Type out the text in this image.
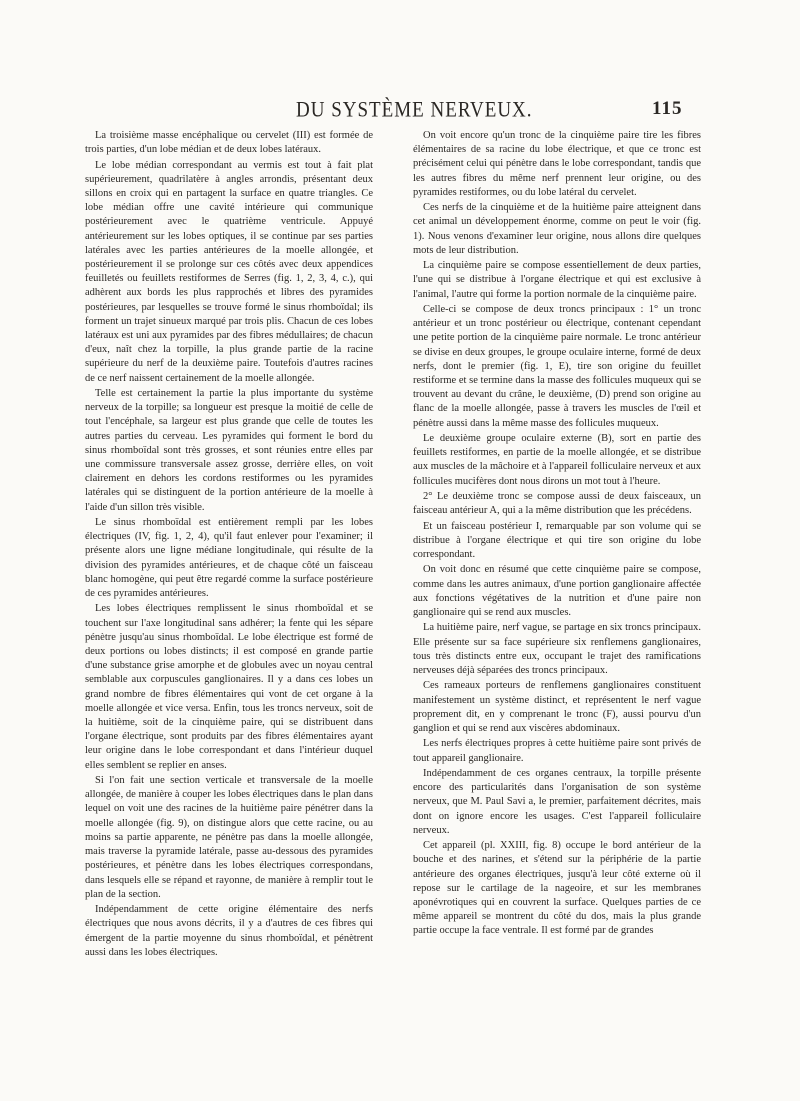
DU SYSTÈME NERVEUX.	115

La troisième masse encéphalique ou cervelet (III) est formée de trois parties, d'un lobe médian et de deux lobes latéraux.

Le lobe médian correspondant au vermis est tout à fait plat supérieurement, quadrilatère à angles arrondis, présentant deux sillons en croix qui en partagent la surface en quatre triangles. Ce lobe médian offre une cavité intérieure qui communique postérieurement avec le quatrième ventricule. Appuyé antérieurement sur les lobes optiques, il se continue par ses parties latérales avec les parties antérieures de la moelle allongée, et postérieurement il se prolonge sur ces côtés avec deux appendices feuilletés ou feuillets restiformes de Serres (fig. 1, 2, 3, 4, c.), qui adhèrent aux bords les plus rapprochés et libres des pyramides postérieures, par lesquelles se trouve formé le sinus rhomboïdal; ils forment un trajet sinueux marqué par trois plis. Chacun de ces lobes latéraux est uni aux pyramides par des fibres médullaires; de chacun d'eux, naît chez la torpille, la plus grande partie de la racine supérieure du nerf de la deuxième paire. Toutefois d'autres racines de ce nerf naissent certainement de la moelle allongée.

Telle est certainement la partie la plus importante du système nerveux de la torpille; sa longueur est presque la moitié de celle de tout l'encéphale, sa largeur est plus grande que celle de toutes les autres parties du cerveau. Les pyramides qui forment le bord du sinus rhomboïdal sont très grosses, et sont réunies entre elles par une commissure transversale assez grosse, derrière elles, on voit clairement en dehors les cordons restiformes ou les pyramides latérales qui se distinguent de la portion antérieure de la moelle à l'aide d'un sillon très visible.

Le sinus rhomboïdal est entièrement rempli par les lobes électriques (IV, fig. 1, 2, 4), qu'il faut enlever pour l'examiner; il présente alors une ligne médiane longitudinale, qui résulte de la division des pyramides antérieures, et de chaque côté un faisceau blanc homogène, qui peut être regardé comme la surface postérieure de ces pyramides antérieures.

Les lobes électriques remplissent le sinus rhomboïdal et se touchent sur l'axe longitudinal sans adhérer; la fente qui les sépare pénètre jusqu'au sinus rhomboïdal. Le lobe électrique est formé de deux portions ou lobes distincts; il est composé en grande partie d'une substance grise amorphe et de globules avec un noyau central semblable aux corpuscules ganglionaires. Il y a dans ces lobes un grand nombre de fibres élémentaires qui vont de cet organe à la moelle allongée et vice versa. Enfin, tous les troncs nerveux, soit de la huitième, soit de la cinquième paire, qui se distribuent dans l'organe électrique, sont produits par des fibres élémentaires ayant leur origine dans le lobe correspondant et dans l'intérieur duquel elles semblent se replier en anses.

Si l'on fait une section verticale et transversale de la moelle allongée, de manière à couper les lobes électriques dans le plan dans lequel on voit une des racines de la huitième paire pénétrer dans la moelle allongée (fig. 9), on distingue alors que cette racine, ou au moins sa partie apparente, ne pénètre pas dans la moelle allongée, mais traverse la pyramide latérale, passe au-dessous des pyramides postérieures, et pénètre dans les lobes électriques correspondans, dans lesquels elle se répand et rayonne, de manière à remplir tout le plan de la section.

Indépendamment de cette origine élémentaire des nerfs électriques que nous avons décrits, il y a d'autres de ces fibres qui émergent de la partie moyenne du sinus rhomboïdal, et pénètrent aussi dans les lobes électriques.

On voit encore qu'un tronc de la cinquième paire tire les fibres élémentaires de sa racine du lobe électrique, et que ce tronc est précisément celui qui pénètre dans le lobe correspondant, tandis que les autres fibres du même nerf prennent leur origine, ou des pyramides restiformes, ou du lobe latéral du cervelet.

Ces nerfs de la cinquième et de la huitième paire atteignent dans cet animal un développement énorme, comme on peut le voir (fig. 1). Nous venons d'examiner leur origine, nous allons dire quelques mots de leur distribution.

La cinquième paire se compose essentiellement de deux parties, l'une qui se distribue à l'organe électrique et qui est exclusive à l'animal, l'autre qui forme la portion normale de la cinquième paire.

Celle-ci se compose de deux troncs principaux : 1° un tronc antérieur et un tronc postérieur ou électrique, contenant cependant une petite portion de la cinquième paire normale. Le tronc antérieur se divise en deux groupes, le groupe oculaire interne, formé de deux nerfs, dont le premier (fig. 1, E), tire son origine du feuillet restiforme et se termine dans la masse des follicules muqueux qui se trouvent au devant du crâne, le deuxième, (D) prend son origine au flanc de la moelle allongée, passe à travers les muscles de l'œil et pénètre aussi dans la même masse des follicules muqueux.

Le deuxième groupe oculaire externe (B), sort en partie des feuillets restiformes, en partie de la moelle allongée, et se distribue aux muscles de la mâchoire et à l'appareil folliculaire nerveux et aux follicules mucifères dont nous dirons un mot tout à l'heure.

2° Le deuxième tronc se compose aussi de deux faisceaux, un faisceau antérieur A, qui a la même distribution que les précédens.

Et un faisceau postérieur I, remarquable par son volume qui se distribue à l'organe électrique et qui tire son origine du lobe correspondant.

On voit donc en résumé que cette cinquième paire se compose, comme dans les autres animaux, d'une portion ganglionaire affectée aux fonctions végétatives de la nutrition et d'une paire non ganglionaire qui se rend aux muscles.

La huitième paire, nerf vague, se partage en six troncs principaux. Elle présente sur sa face supérieure six renflemens ganglionaires, tous très distincts entre eux, occupant le trajet des ramifications nerveuses déjà séparées des troncs principaux.

Ces rameaux porteurs de renflemens ganglionaires constituent manifestement un système distinct, et représentent le nerf vague proprement dit, en y comprenant le tronc (F), aussi pourvu d'un ganglion et qui se rend aux viscères abdominaux.

Les nerfs électriques propres à cette huitième paire sont privés de tout appareil ganglionaire.

Indépendamment de ces organes centraux, la torpille présente encore des particularités dans l'organisation de son système nerveux, que M. Paul Savi a, le premier, parfaitement décrites, mais dont on ignore encore les usages. C'est l'appareil folliculaire nerveux.

Cet appareil (pl. XXIII, fig. 8) occupe le bord antérieur de la bouche et des narines, et s'étend sur la périphérie de la partie antérieure des organes électriques, jusqu'à leur côté externe où il repose sur le cartilage de la nageoire, et sur les membranes aponévrotiques qui en couvrent la surface. Quelques parties de ce même appareil se montrent du côté du dos, mais la plus grande partie occupe la face ventrale. Il est formé par de grandes
